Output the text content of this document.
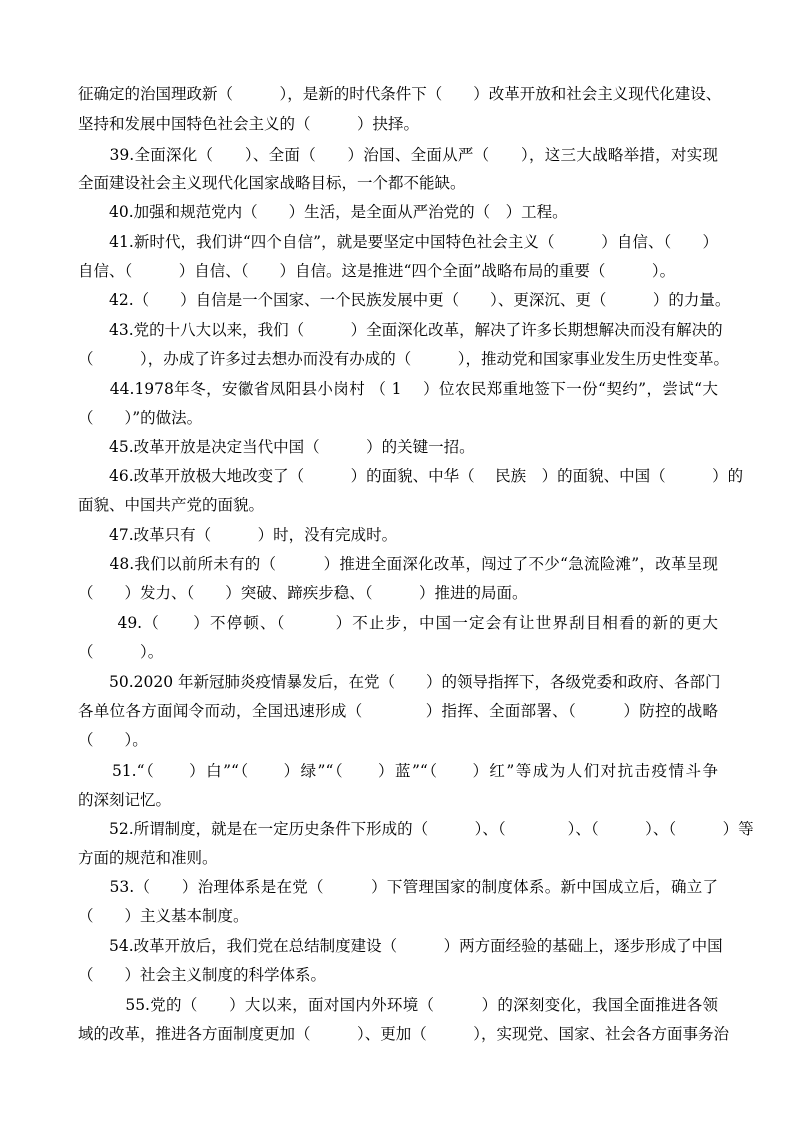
征确定的治国理政新（　　　），是新的时代条件下（　　）改革开放和社会主义现代化建设、
坚持和发展中国特色社会主义的（　　　）抉择。
　　39.全面深化（　　）、全面（　　）治国、全面从严（　　），这三大战略举措，对实现
全面建设社会主义现代化国家战略目标，一个都不能缺。
　　40.加强和规范党内（　　）生活，是全面从严治党的（　）工程。
　　41.新时代，我们讲“四个自信”，就是要坚定中国特色社会主义（　　　）自信、（　　）
自信、（　　　）自信、（　　）自信。这是推进“四个全面”战略布局的重要（　　　）。
　　42.（　　）自信是一个国家、一个民族发展中更（　　）、更深沉、更（　　　）的力量。
　　43.党的十八大以来，我们（　　　）全面深化改革，解决了许多长期想解决而没有解决的
（　　　），办成了许多过去想办而没有办成的（　　　），推动党和国家事业发生历史性变革。
　　44.1978年冬，安徽省凤阳县小岗村 （ 1　 ）位农民郑重地签下一份“契约”，尝试“大
（　　）”的做法。
　　45.改革开放是决定当代中国（　　　）的关键一招。
　　46.改革开放极大地改变了（　　　）的面貌、中华（　 民族　）的面貌、中国（　　　）的
面貌、中国共产党的面貌。
　　47.改革只有（　　　）时，没有完成时。
　　48.我们以前所未有的（　　　）推进全面深化改革，闯过了不少“急流险滩”，改革呈现
（　　）发力、（　　）突破、蹄疾步稳、（　　　）推进的局面。
　　 49.（　　）不停顿、（　　　）不止步，中国一定会有让世界刮目相看的新的更大
（　　　）。
　　50.2020 年新冠肺炎疫情暴发后，在党（　　）的领导指挥下，各级党委和政府、各部门
各单位各方面闻令而动，全国迅速形成（　　　　）指挥、全面部署、（　　　）防控的战略
（　　）。
　　51.“（　　）白”“（　　）绿”“（　　）蓝”“（　　）红”等成为人们对抗击疫情斗争
的深刻记忆。
　　52.所谓制度，就是在一定历史条件下形成的（　　　）、（　　　　）、（　　　）、（　　　）等
方面的规范和准则。
　　53.（　　）治理体系是在党（　　　）下管理国家的制度体系。新中国成立后，确立了
（　　）主义基本制度。
　　54.改革开放后，我们党在总结制度建设（　　　）两方面经验的基础上，逐步形成了中国
（　　）社会主义制度的科学体系。
　　　55.党的（　　）大以来，面对国内外环境（　　　）的深刻变化，我国全面推进各领
域的改革，推进各方面制度更加（　　　）、更加（　　　），实现党、国家、社会各方面事务治
